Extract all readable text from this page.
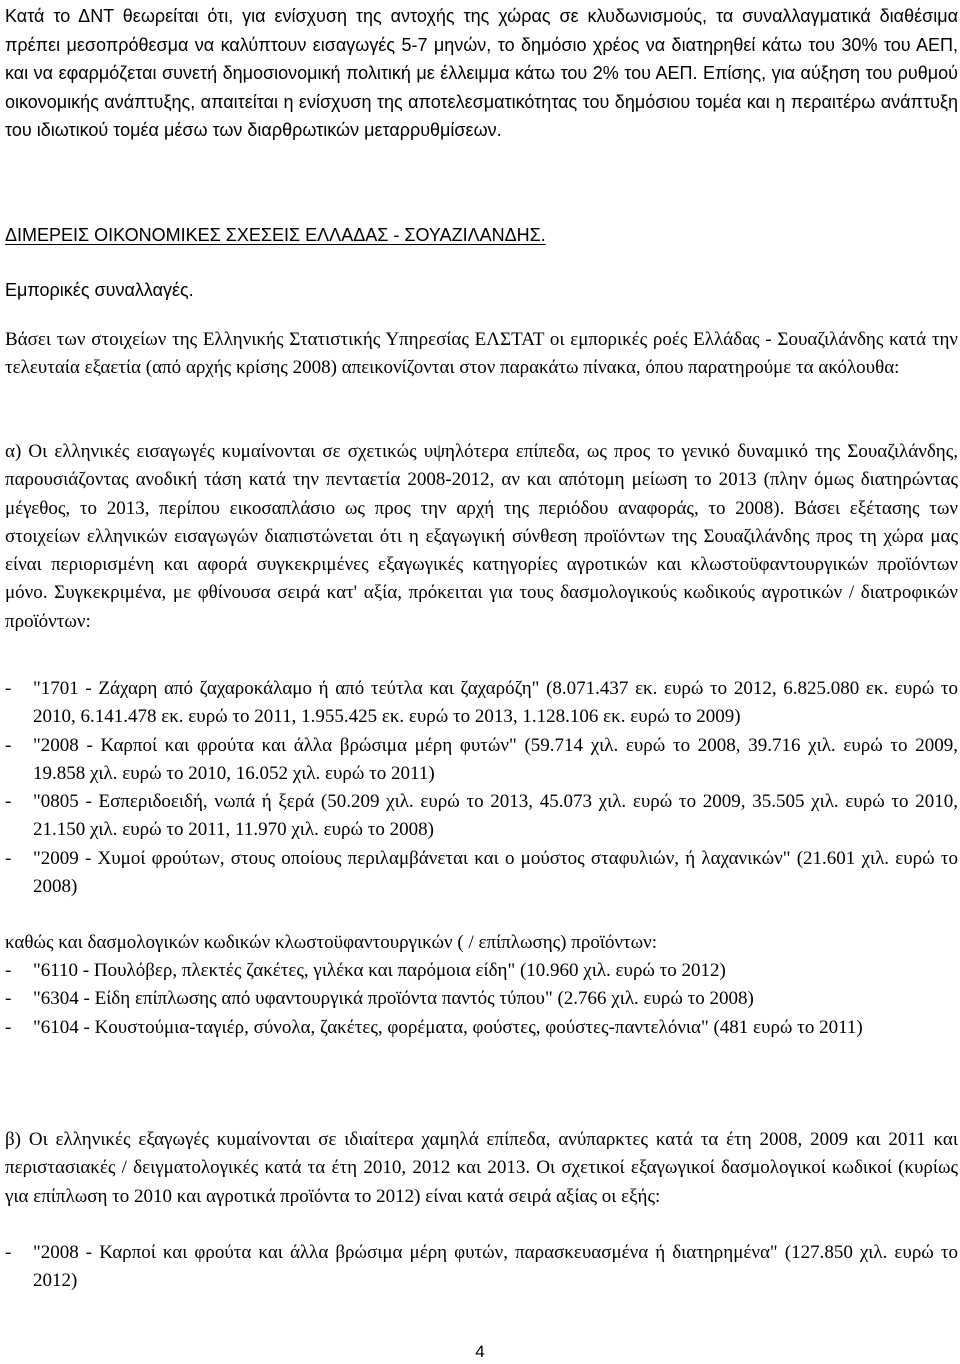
Κατά το ΔΝΤ θεωρείται ότι, για ενίσχυση της αντοχής της χώρας σε κλυδωνισμούς, τα συναλλαγματικά διαθέσιμα πρέπει μεσοπρόθεσμα να καλύπτουν εισαγωγές 5-7 μηνών, το δημόσιο χρέος να διατηρηθεί κάτω του 30% του ΑΕΠ, και να εφαρμόζεται συνετή δημοσιονομική πολιτική με έλλειμμα κάτω του 2% του ΑΕΠ. Επίσης, για αύξηση του ρυθμού οικονομικής ανάπτυξης, απαιτείται η ενίσχυση της αποτελεσματικότητας του δημόσιου τομέα και η περαιτέρω ανάπτυξη του ιδιωτικού τομέα μέσω των διαρθρωτικών μεταρρυθμίσεων.

ΔΙΜΕΡΕΙΣ ΟΙΚΟΝΟΜΙΚΕΣ ΣΧΕΣΕΙΣ ΕΛΛΑΔΑΣ - ΣΟΥΑΖΙΛΑΝΔΗΣ.
Εμπορικές συναλλαγές.

Βάσει των στοιχείων της Ελληνικής Στατιστικής Υπηρεσίας ΕΛΣΤΑΤ οι εμπορικές ροές Ελλάδας - Σουαζιλάνδης κατά την τελευταία εξαετία (από αρχής κρίσης 2008) απεικονίζονται στον παρακάτω πίνακα, όπου παρατηρούμε τα ακόλουθα:

α) Οι ελληνικές εισαγωγές κυμαίνονται σε σχετικώς υψηλότερα επίπεδα, ως προς το γενικό δυναμικό της Σουαζιλάνδης, παρουσιάζοντας ανοδική τάση κατά την πενταετία 2008-2012, αν και απότομη μείωση το 2013 (πλην όμως διατηρώντας μέγεθος, το 2013, περίπου εικοσαπλάσιο ως προς την αρχή της περιόδου αναφοράς, το 2008). Βάσει εξέτασης των στοιχείων ελληνικών εισαγωγών διαπιστώνεται ότι η εξαγωγική σύνθεση προϊόντων της Σουαζιλάνδης προς τη χώρα μας είναι περιορισμένη και αφορά συγκεκριμένες εξαγωγικές κατηγορίες αγροτικών και κλωστοϋφαντουργικών προϊόντων μόνο. Συγκεκριμένα, με φθίνουσα σειρά κατ' αξία, πρόκειται για τους δασμολογικούς κωδικούς αγροτικών / διατροφικών προϊόντων:

- "1701 - Ζάχαρη από ζαχαροκάλαμο ή από τεύτλα και ζαχαρόζη" (8.071.437 εκ. ευρώ το 2012, 6.825.080 εκ. ευρώ το 2010, 6.141.478 εκ. ευρώ το 2011, 1.955.425 εκ. ευρώ το 2013, 1.128.106 εκ. ευρώ το 2009)
- "2008 - Καρποί και φρούτα και άλλα βρώσιμα μέρη φυτών" (59.714 χιλ. ευρώ το 2008, 39.716 χιλ. ευρώ το 2009, 19.858 χιλ. ευρώ το 2010, 16.052 χιλ. ευρώ το 2011)
- "0805 - Εσπεριδοειδή, νωπά ή ξερά (50.209 χιλ. ευρώ το 2013, 45.073 χιλ. ευρώ το 2009, 35.505 χιλ. ευρώ το 2010, 21.150 χιλ. ευρώ το 2011, 11.970 χιλ. ευρώ το 2008)
- "2009 - Χυμοί φρούτων, στους οποίους περιλαμβάνεται και ο μούστος σταφυλιών, ή λαχανικών" (21.601 χιλ. ευρώ το 2008)

καθώς και δασμολογικών κωδικών κλωστοϋφαντουργικών ( / επίπλωσης) προϊόντων:

- "6110 - Πουλόβερ, πλεκτές ζακέτες, γιλέκα και παρόμοια είδη" (10.960 χιλ. ευρώ το 2012)
- "6304 - Είδη επίπλωσης από υφαντουργικά προϊόντα παντός τύπου" (2.766 χιλ. ευρώ το 2008)
- "6104 - Κουστούμια-ταγιέρ, σύνολα, ζακέτες, φορέματα, φούστες, φούστες-παντελόνια" (481 ευρώ το 2011)

β) Οι ελληνικές εξαγωγές κυμαίνονται σε ιδιαίτερα χαμηλά επίπεδα, ανύπαρκτες κατά τα έτη 2008, 2009 και 2011 και περιστασιακές / δειγματολογικές κατά τα έτη 2010, 2012 και 2013. Οι σχετικοί εξαγωγικοί δασμολογικοί κωδικοί (κυρίως για επίπλωση το 2010 και αγροτικά προϊόντα το 2012) είναι κατά σειρά αξίας οι εξής:

- "2008 - Καρποί και φρούτα και άλλα βρώσιμα μέρη φυτών, παρασκευασμένα ή διατηρημένα" (127.850 χιλ. ευρώ το 2012)
4
